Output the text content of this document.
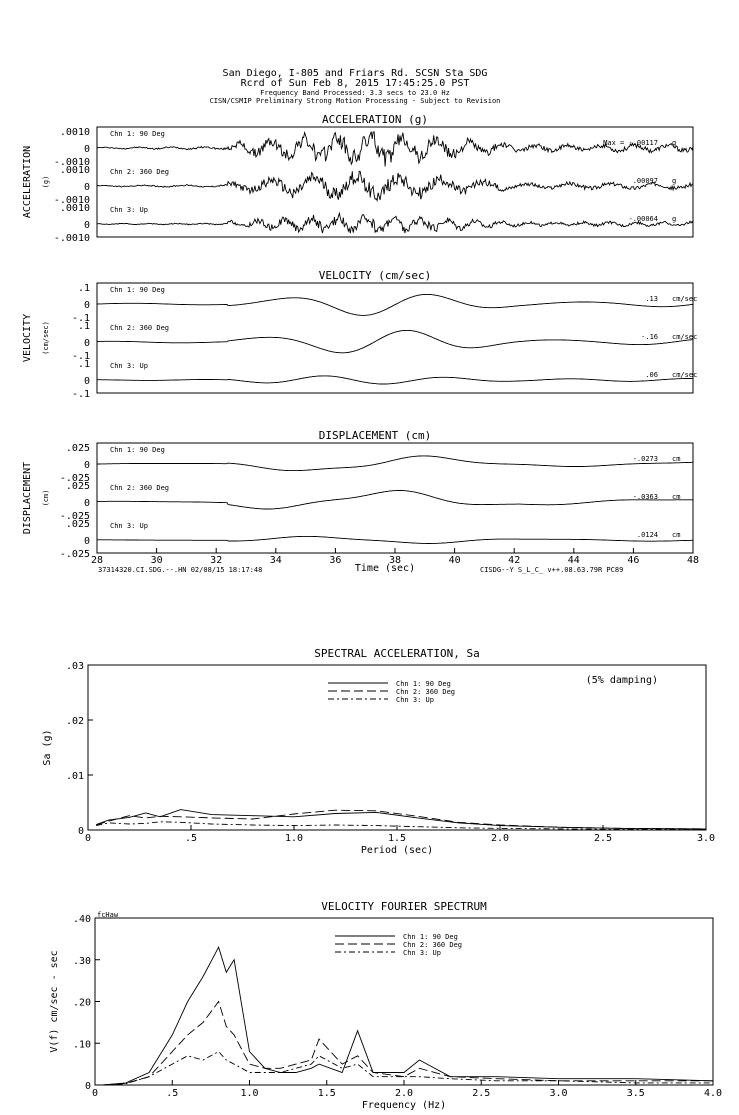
San Diego, I-805 and Friars Rd. SCSN Sta SDG
Rcrd of Sun Feb 8, 2015 17:45:25.0 PST
Frequency Band Processed: 3.3 secs to 23.0 Hz
CISN/CSMIP Preliminary Strong Motion Processing - Subject to Revision
ACCELERATION (g)
ACCELERATION (g)
.0010
0
-.0010
Chn 1: 90 Deg
Max = -.00117 g
.0010
0
-.0010
Chn 2: 360 Deg
.00097 g
.0010
0
-.0010
Chn 3: Up
-.00064 g
VELOCITY (cm/sec)
VELOCITY (cm/sec)
.1
0
-.1
Chn 1: 90 Deg
.13 cm/sec
.1
0
-.1
Chn 2: 360 Deg
-.16 cm/sec
.1
0
-.1
Chn 3: Up
.06 cm/sec
DISPLACEMENT (cm)
DISPLACEMENT (cm)
.025
0
-.025
Chn 1: 90 Deg
-.0273 cm
.025
0
-.025
Chn 2: 360 Deg
-.0363 cm
.025
0
-.025
Chn 3: Up
.0124 cm
28	30	32	34	36	38	40	42	44	46	48
Time (sec)
SPECTRAL ACCELERATION, Sa
0	.5	1.0	1.5	2.0	2.5	3.0
0
.01
.02
.03
Period (sec)
Sa (g)
Chn 1: 90 Deg
Chn 2: 360 Deg
Chn 3: Up
(5% damping)
VELOCITY FOURIER SPECTRUM
0	.5	1.0	1.5	2.0	2.5	3.0	3.5	4.0
0
.10
.20
.30
.40
Frequency (Hz)
V(f) cm/sec - sec
Chn 1: 90 Deg
Chn 2: 360 Deg
Chn 3: Up
fcHaw
37314320.CI.SDG.--.HN 02/08/15 18:17:48	CISDG--Y S_L_C_ v++.08.63.79R PC89
